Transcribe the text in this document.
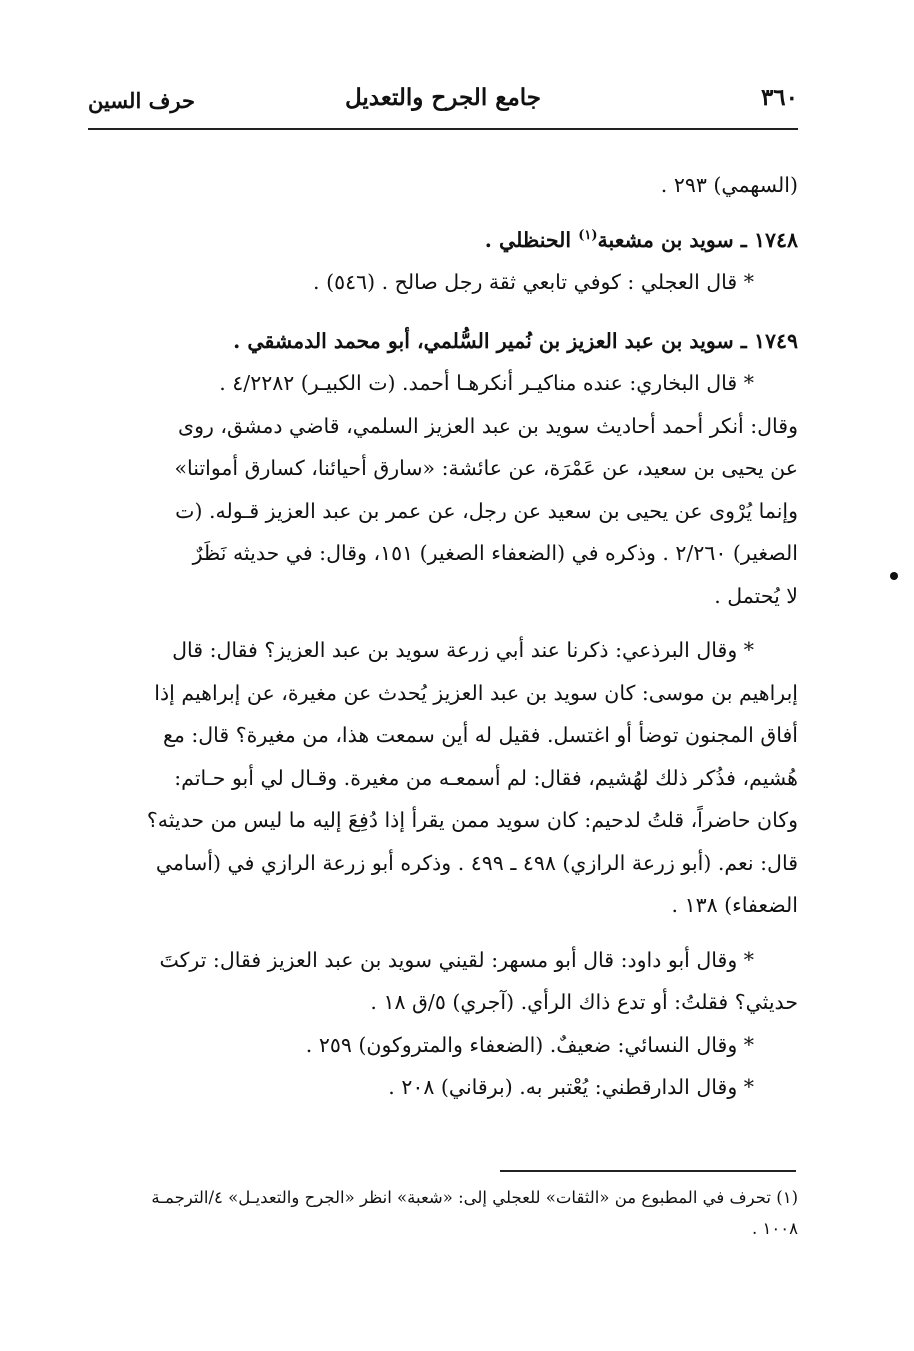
٣٦٠
جامع الجرح والتعديل
حرف السين

(السهمي) ٢٩٣ .

١٧٤٨ ـ سويد بن مشعبة$^{(١)}$ الحنظلي .

* قال العجلي : كوفي تابعي ثقة رجل صالح . (٥٤٦) .

١٧٤٩ ـ سويد بن عبد العزيز بن نُمير السُّلمي، أبو محمد الدمشقي .

* قال البخاري: عنده مناكيـر أنكرهـا أحمد. (ت الكبيـر) ٤/٢٢٨٢ .

وقال: أنكر أحمد أحاديث سويد بن عبد العزيز السلمي، قاضي دمشق، روى

عن يحيى بن سعيد، عن عَمْرَة، عن عائشة: «سارق أحيائنا، كسارق أمواتنا»

وإنما يُرْوى عن يحيى بن سعيد عن رجل، عن عمر بن عبد العزيز قـوله. (ت

الصغير) ٢/٢٦٠ . وذكره في (الضعفاء الصغير) ١٥١، وقال: في حديثه نَظَرٌ

لا يُحتمل .

* وقال البرذعي: ذكرنا عند أبي زرعة سويد بن عبد العزيز؟ فقال: قال

إبراهيم بن موسى: كان سويد بن عبد العزيز يُحدث عن مغيرة، عن إبراهيم إذا

أفاق المجنون توضأ أو اغتسل. فقيل له أين سمعت هذا، من مغيرة؟ قال: مع

هُشيم، فذُكر ذلك لهُشيم، فقال: لم أسمعـه من مغيرة. وقـال لي أبو حـاتم:

وكان حاضراً، قلتُ لدحيم: كان سويد ممن يقرأ إذا دُفِعَ إليه ما ليس من حديثه؟

قال: نعم. (أبو زرعة الرازي) ٤٩٨ ـ ٤٩٩ . وذكره أبو زرعة الرازي في (أسامي

الضعفاء) ١٣٨ .

* وقال أبو داود: قال أبو مسهر: لقيني سويد بن عبد العزيز فقال: تركتَ

حديثي؟ فقلتُ: أو تدع ذاك الرأي. (آجري) ٥/ق ١٨ .

* وقال النسائي: ضعيفٌ. (الضعفاء والمتروكون) ٢٥٩ .

* وقال الدارقطني: يُعْتبر به. (برقاني) ٢٠٨ .

(١) تحرف في المطبوع من «الثقات» للعجلي إلى: «شعبة» انظر «الجرح والتعديـل» ٤/الترجمـة
١٠٠٨ .
